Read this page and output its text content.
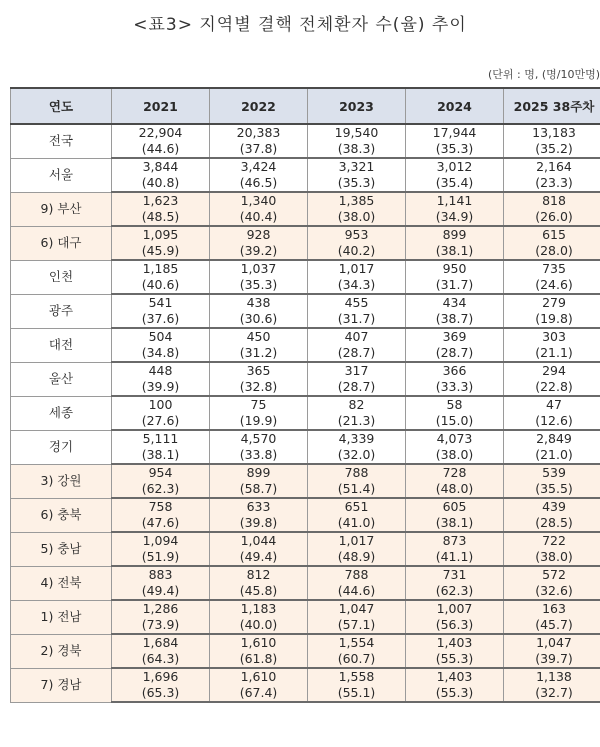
<표3> 지역별 결핵 전체환자 수(율) 추이
(단위 : 명, (명/10만명)
연도	2021	2022	2023	2024	2025 38주차
전국	22,904	20,383	19,540	17,944	13,183
	(44.6)	(37.8)	(38.3)	(35.3)	(35.2)
서울	3,844	3,424	3,321	3,012	2,164
	(40.8)	(46.5)	(35.3)	(35.4)	(23.3)
9) 부산	1,623	1,340	1,385	1,141	818
	(48.5)	(40.4)	(38.0)	(34.9)	(26.0)
6) 대구	1,095	928	953	899	615
	(45.9)	(39.2)	(40.2)	(38.1)	(28.0)
인천	1,185	1,037	1,017	950	735
	(40.6)	(35.3)	(34.3)	(31.7)	(24.6)
광주	541	438	455	434	279
	(37.6)	(30.6)	(31.7)	(38.7)	(19.8)
대전	504	450	407	369	303
	(34.8)	(31.2)	(28.7)	(28.7)	(21.1)
울산	448	365	317	366	294
	(39.9)	(32.8)	(28.7)	(33.3)	(22.8)
세종	100	75	82	58	47
	(27.6)	(19.9)	(21.3)	(15.0)	(12.6)
경기	5,111	4,570	4,339	4,073	2,849
	(38.1)	(33.8)	(32.0)	(38.0)	(21.0)
3) 강원	954	899	788	728	539
	(62.3)	(58.7)	(51.4)	(48.0)	(35.5)
6) 충북	758	633	651	605	439
	(47.6)	(39.8)	(41.0)	(38.1)	(28.5)
5) 충남	1,094	1,044	1,017	873	722
	(51.9)	(49.4)	(48.9)	(41.1)	(38.0)
4) 전북	883	812	788	731	572
	(49.4)	(45.8)	(44.6)	(62.3)	(32.6)
1) 전남	1,286	1,183	1,047	1,007	163
	(73.9)	(40.0)	(57.1)	(56.3)	(45.7)
2) 경북	1,684	1,610	1,554	1,403	1,047
	(64.3)	(61.8)	(60.7)	(55.3)	(39.7)
7) 경남	1,696	1,610	1,558	1,403	1,138
	(65.3)	(67.4)	(55.1)	(55.3)	(32.7)
